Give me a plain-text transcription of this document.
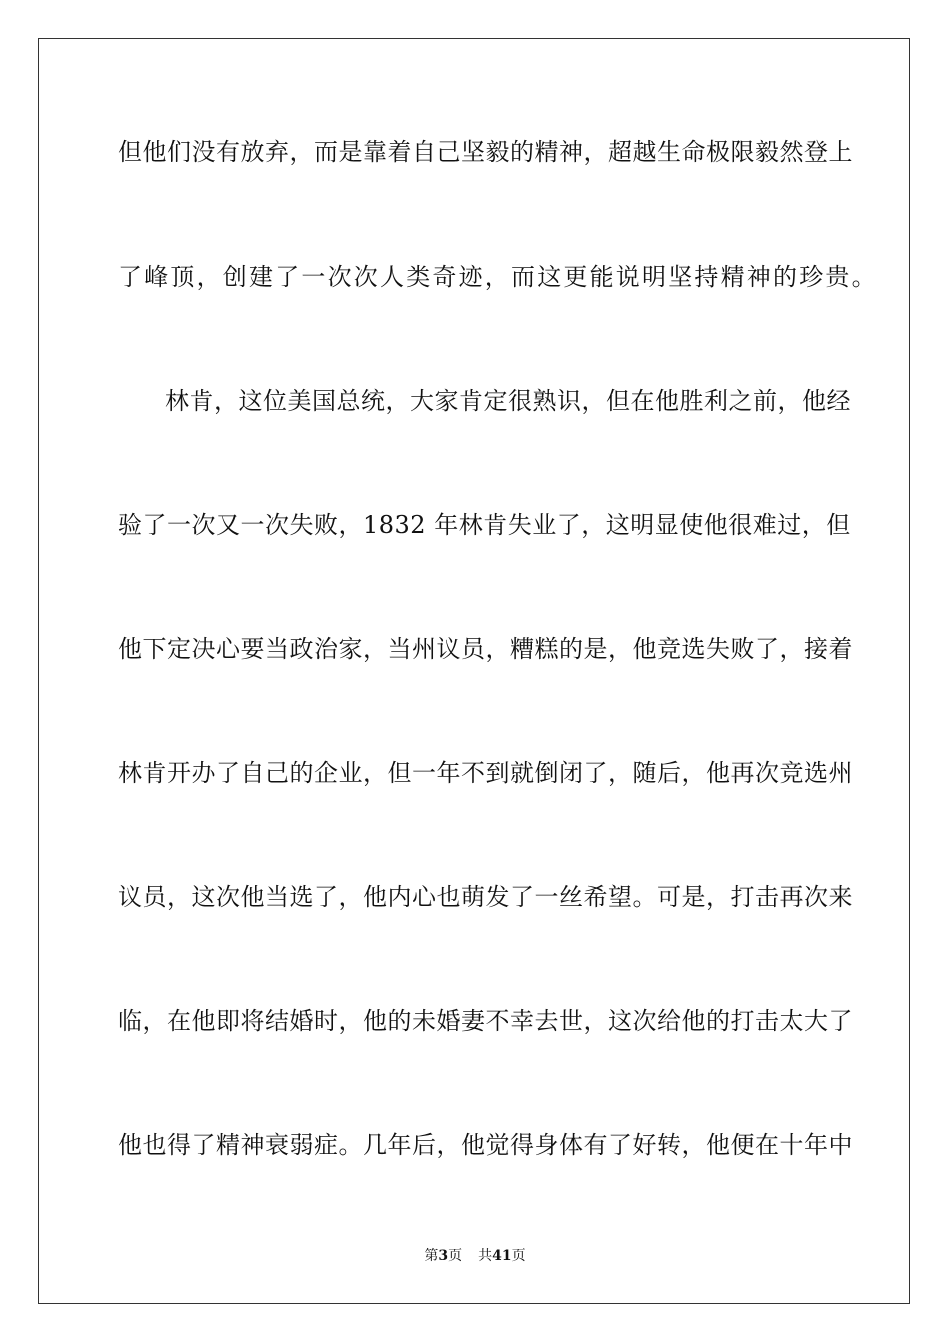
但他们没有放弃，而是靠着自己坚毅的精神，超越生命极限毅然登上
了峰顶，创建了一次次人类奇迹，而这更能说明坚持精神的珍贵。
林肯，这位美国总统，大家肯定很熟识，但在他胜利之前，他经
验了一次又一次失败，1832 年林肯失业了，这明显使他很难过，但
他下定决心要当政治家，当州议员，糟糕的是，他竞选失败了，接着
林肯开办了自己的企业，但一年不到就倒闭了，随后，他再次竞选州
议员，这次他当选了，他内心也萌发了一丝希望。可是，打击再次来
临，在他即将结婚时，他的未婚妻不幸去世，这次给他的打击太大了
他也得了精神衰弱症。几年后，他觉得身体有了好转，他便在十年中
第3页 共41页
